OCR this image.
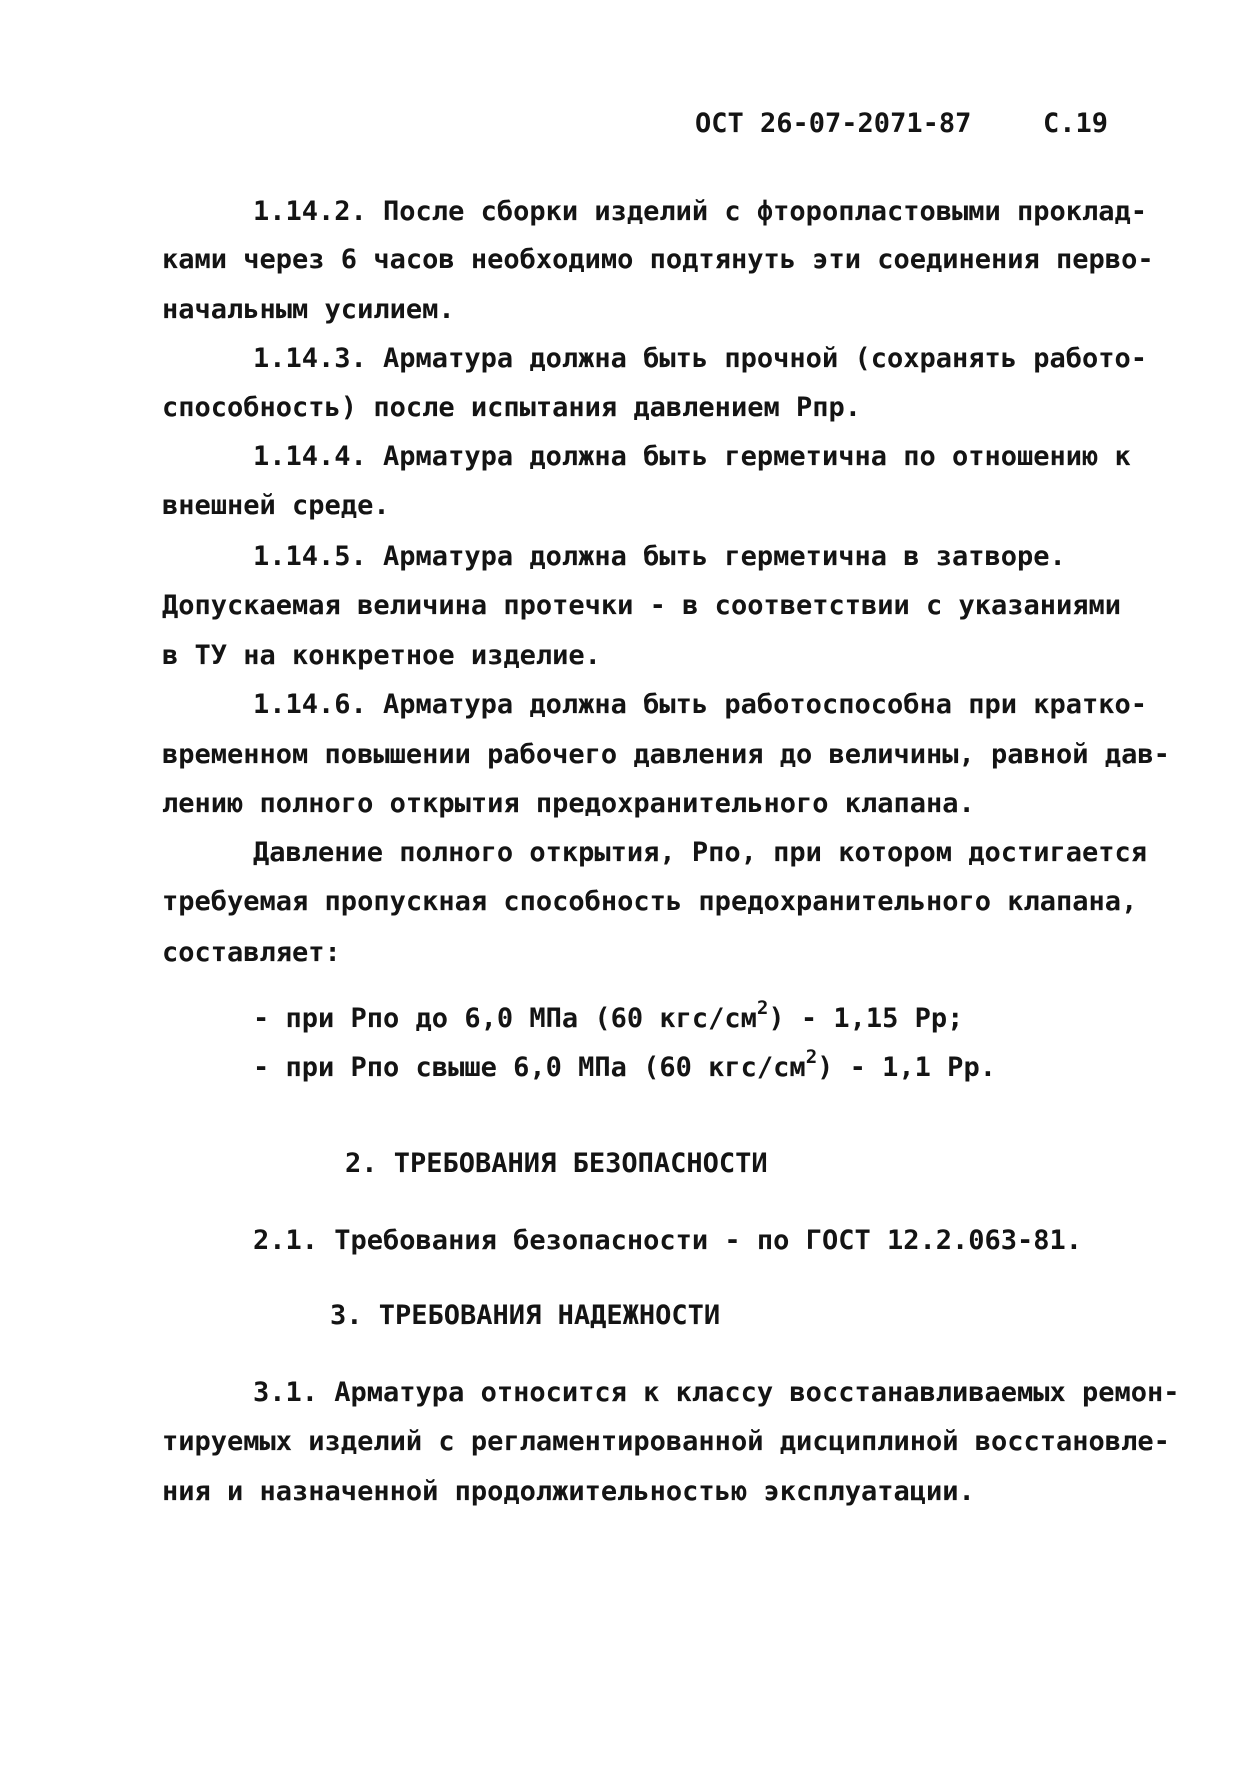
ОСТ 26-07-2071-87	С.19
1.14.2. После сборки изделий с фторопластовыми проклад-
ками через 6 часов необходимо подтянуть эти соединения перво-
начальным усилием.
1.14.3. Арматура должна быть прочной (сохранять работо-
способность) после испытания давлением Рпр.
1.14.4. Арматура должна быть герметична по отношению к
внешней среде.
1.14.5. Арматура должна быть герметична в затворе.
Допускаемая величина протечки - в соответствии с указаниями
в ТУ на конкретное изделие.
1.14.6. Арматура должна быть работоспособна при кратко-
временном повышении рабочего давления до величины, равной дав-
лению полного открытия предохранительного клапана.
Давление полного открытия, Рпо, при котором достигается
требуемая пропускная способность предохранительного клапана,
составляет:
- при Рпо до 6,0 МПа (60 кгс/$см^2) - 1,15$ Рр;
- при Рпо свыше 6,0 МПа (60 кгс/$см^2) - 1,1$ Рр.
2. ТРЕБОВАНИЯ БЕЗОПАСНОСТИ
2.1. Требования безопасности - по ГОСТ 12.2.063-81.
3. ТРЕБОВАНИЯ НАДЕЖНОСТИ
3.1. Арматура относится к классу восстанавливаемых ремон-
тируемых изделий с регламентированной дисциплиной восстановле-
ния и назначенной продолжительностью эксплуатации.
